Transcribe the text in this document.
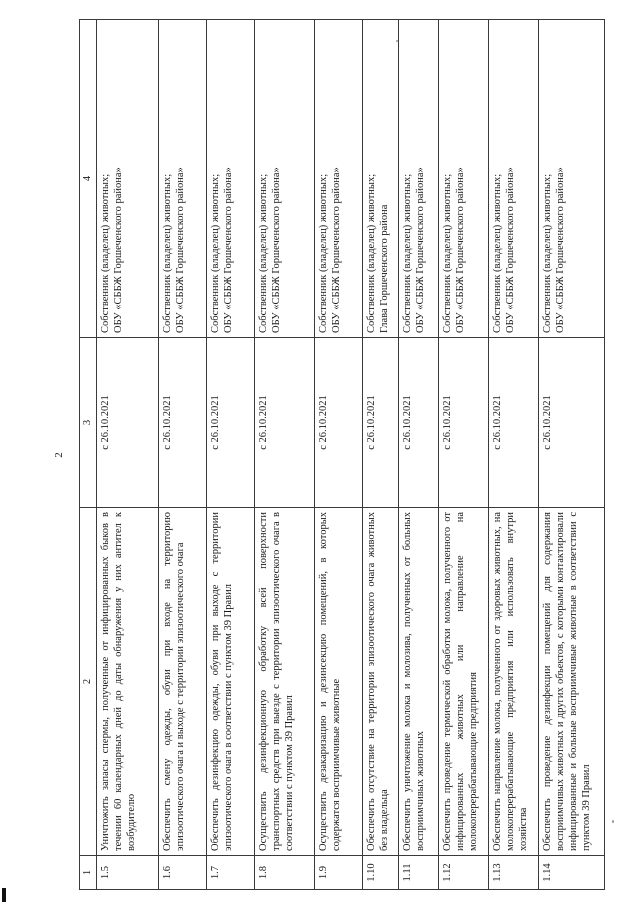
2
1	2	3	4
1.5	Уничтожить запасы спермы, полученные от инфицированных быков в течении 60 календарных дней до даты обнаружения у них антител к возбудителю	с 26.10.2021	Собственник (владелец) животных; ОБУ «СББЖ Горшеченского района»

1.6	Обеспечить смену одежды, обуви при входе на территорию эпизоотического очага и выходе с территории эпизоотического очага	с 26.10.2021	Собственник (владелец) животных; ОБУ «СББЖ Горшеченского района»

1.7	Обеспечить дезинфекцию одежды, обуви при выходе с территории эпизоотического очага в соответствии с пунктом 39 Правил	с 26.10.2021	Собственник (владелец) животных; ОБУ «СББЖ Горшеченского района»

1.8	Осуществить дезинфекционную обработку всей поверхности транспортных средств при выезде с территории эпизоотического очага в соответствии с пунктом 39 Правил	с 26.10.2021	Собственник (владелец) животных; ОБУ «СББЖ Горшеченского района»

1.9	Осуществить дезакаризацию и дезинсекцию помещений, в которых содержатся восприимчивые животные	с 26.10.2021	Собственник (владелец) животных; ОБУ «СББЖ Горшеченского района»

1.10	Обеспечить отсутствие на территории эпизоотического очага животных без владельца	с 26.10.2021	Собственник (владелец) животных; Глава Горшеченского района

1.11	Обеспечить уничтожение молока и молозива, полученных от больных восприимчивых животных	с 26.10.2021	Собственник (владелец) животных; ОБУ «СББЖ Горшеченского района»

1.12	Обеспечить проведение термической обработки молока, полученного от инфицированных животных или направление на молокоперерабатывающие предприятия	с 26.10.2021	Собственник (владелец) животных; ОБУ «СББЖ Горшеченского района»

1.13	Обеспечить направление молока, полученного от здоровых животных, на молокоперерабатывающие предприятия или использовать внутри хозяйства	с 26.10.2021	Собственник (владелец) животных; ОБУ «СББЖ Горшеченского района»

1.14	Обеспечить проведение дезинфекции помещений для содержания восприимчивых животных и других объектов, с которыми контактировали инфицированные и больные восприимчивые животные в соответствии с пунктом 39 Правил	с 26.10.2021	Собственник (владелец) животных; ОБУ «СББЖ Горшеченского района»
